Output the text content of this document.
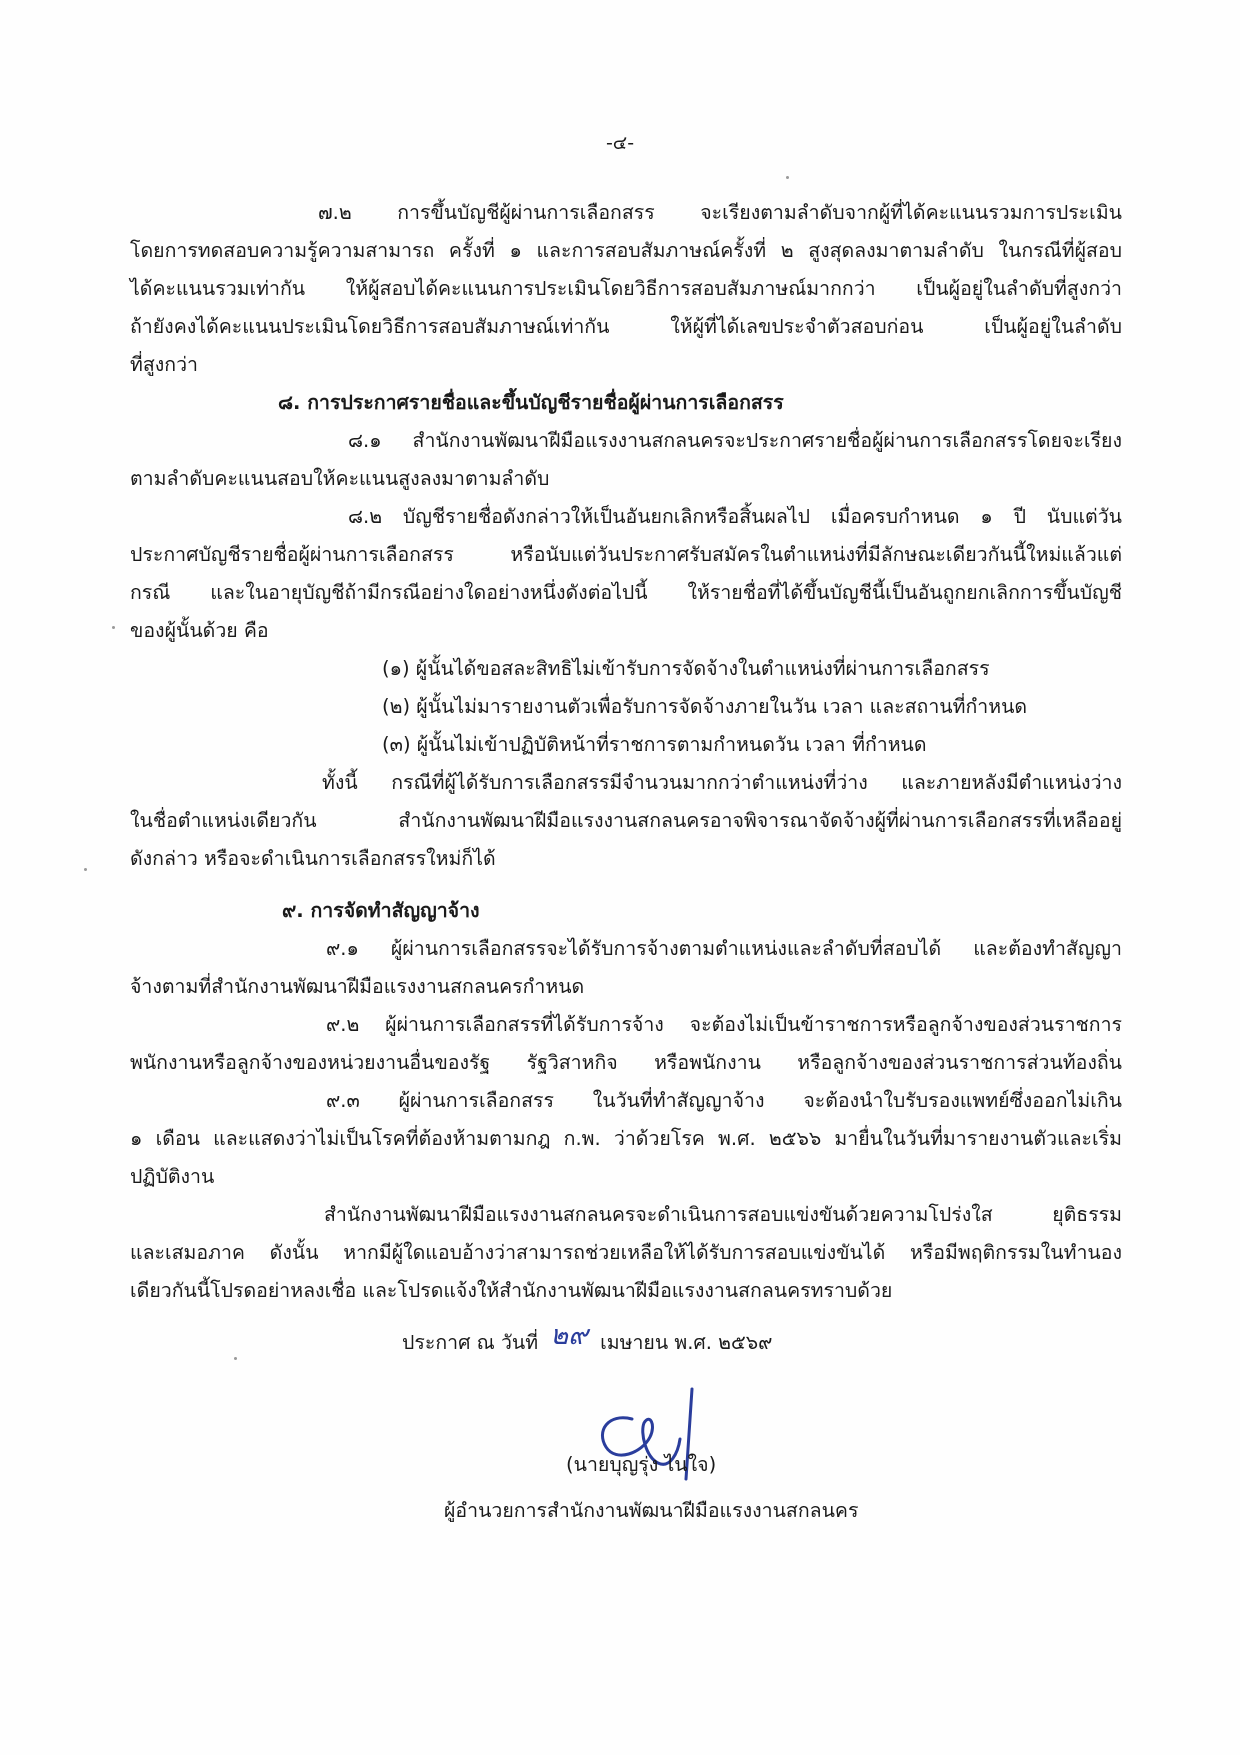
-๔-
๗.๒ การขึ้นบัญชีผู้ผ่านการเลือกสรร จะเรียงตามลำดับจากผู้ที่ได้คะแนนรวมการประเมิน
โดยการทดสอบความรู้ความสามารถ ครั้งที่ ๑ และการสอบสัมภาษณ์ครั้งที่ ๒ สูงสุดลงมาตามลำดับ ในกรณีที่ผู้สอบ
ได้คะแนนรวมเท่ากัน ให้ผู้สอบได้คะแนนการประเมินโดยวิธีการสอบสัมภาษณ์มากกว่า เป็นผู้อยู่ในลำดับที่สูงกว่า
ถ้ายังคงได้คะแนนประเมินโดยวิธีการสอบสัมภาษณ์เท่ากัน ให้ผู้ที่ได้เลขประจำตัวสอบก่อน เป็นผู้อยู่ในลำดับ
ที่สูงกว่า
๘. การประกาศรายชื่อและขึ้นบัญชีรายชื่อผู้ผ่านการเลือกสรร
๘.๑ สำนักงานพัฒนาฝีมือแรงงานสกลนครจะประกาศรายชื่อผู้ผ่านการเลือกสรรโดยจะเรียง
ตามลำดับคะแนนสอบให้คะแนนสูงลงมาตามลำดับ
๘.๒ บัญชีรายชื่อดังกล่าวให้เป็นอันยกเลิกหรือสิ้นผลไป เมื่อครบกำหนด ๑ ปี นับแต่วัน
ประกาศบัญชีรายชื่อผู้ผ่านการเลือกสรร หรือนับแต่วันประกาศรับสมัครในตำแหน่งที่มีลักษณะเดียวกันนี้ใหม่แล้วแต่
กรณี และในอายุบัญชีถ้ามีกรณีอย่างใดอย่างหนึ่งดังต่อไปนี้ ให้รายชื่อที่ได้ขึ้นบัญชีนี้เป็นอันถูกยกเลิกการขึ้นบัญชี
ของผู้นั้นด้วย คือ
(๑) ผู้นั้นได้ขอสละสิทธิไม่เข้ารับการจัดจ้างในตำแหน่งที่ผ่านการเลือกสรร
(๒) ผู้นั้นไม่มารายงานตัวเพื่อรับการจัดจ้างภายในวัน เวลา และสถานที่กำหนด
(๓) ผู้นั้นไม่เข้าปฏิบัติหน้าที่ราชการตามกำหนดวัน เวลา ที่กำหนด
ทั้งนี้ กรณีที่ผู้ได้รับการเลือกสรรมีจำนวนมากกว่าตำแหน่งที่ว่าง และภายหลังมีตำแหน่งว่าง
ในชื่อตำแหน่งเดียวกัน สำนักงานพัฒนาฝีมือแรงงานสกลนครอาจพิจารณาจัดจ้างผู้ที่ผ่านการเลือกสรรที่เหลืออยู่
ดังกล่าว หรือจะดำเนินการเลือกสรรใหม่ก็ได้
๙. การจัดทำสัญญาจ้าง
๙.๑ ผู้ผ่านการเลือกสรรจะได้รับการจ้างตามตำแหน่งและลำดับที่สอบได้ และต้องทำสัญญา
จ้างตามที่สำนักงานพัฒนาฝีมือแรงงานสกลนครกำหนด
๙.๒ ผู้ผ่านการเลือกสรรที่ได้รับการจ้าง จะต้องไม่เป็นข้าราชการหรือลูกจ้างของส่วนราชการ
พนักงานหรือลูกจ้างของหน่วยงานอื่นของรัฐ รัฐวิสาหกิจ หรือพนักงาน หรือลูกจ้างของส่วนราชการส่วนท้องถิ่น
๙.๓ ผู้ผ่านการเลือกสรร ในวันที่ทำสัญญาจ้าง จะต้องนำใบรับรองแพทย์ซึ่งออกไม่เกิน
๑ เดือน และแสดงว่าไม่เป็นโรคที่ต้องห้ามตามกฎ ก.พ. ว่าด้วยโรค พ.ศ. ๒๕๖๖ มายื่นในวันที่มารายงานตัวและเริ่ม
ปฏิบัติงาน
สำนักงานพัฒนาฝีมือแรงงานสกลนครจะดำเนินการสอบแข่งขันด้วยความโปร่งใส ยุติธรรม
และเสมอภาค ดังนั้น หากมีผู้ใดแอบอ้างว่าสามารถช่วยเหลือให้ได้รับการสอบแข่งขันได้ หรือมีพฤติกรรมในทำนอง
เดียวกันนี้โปรดอย่าหลงเชื่อ และโปรดแจ้งให้สำนักงานพัฒนาฝีมือแรงงานสกลนครทราบด้วย
ประกาศ ณ วันที่ ๒๙ เมษายน พ.ศ. ๒๕๖๙
(นายบุญรุ่ง ไนใจ)
ผู้อำนวยการสำนักงานพัฒนาฝีมือแรงงานสกลนคร
